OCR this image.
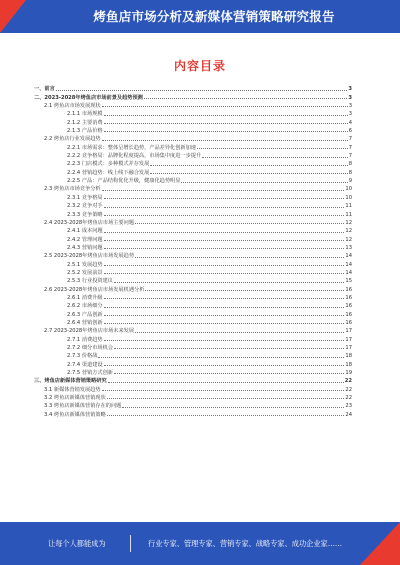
烤鱼店市场分析及新媒体营销策略研究报告
内容目录
一、前言	3
二、2023-2028年烤鱼店市场前景及趋势预测	3
2.1 烤鱼店市场发展现状	3
2.1.1 市场规模	3
2.1.2 主要消费	4
2.1.3 产品价格	6
2.2 烤鱼店行业发展趋势	7
2.2.1 市场需求：整体呈增长趋势，产品差异化创新加速	7
2.2.2 竞争格局：品牌化程度提高，市场集中度进一步提升	7
2.2.3 门店模式：多种模式并存发展	8
2.2.4 营销趋势：线上线下融合发展	8
2.2.5 产品：产品结构优化升级，健康化趋势明显	9
2.3 烤鱼店市场竞争分析	10
2.3.1 竞争格局	10
2.3.2 竞争对手	11
2.3.3 竞争策略	11
2.4 2023-2028年烤鱼店市场主要问题	12
2.4.1 成本问题	12
2.4.2 管理问题	12
2.4.3 营销问题	13
2.5 2023-2028年烤鱼店市场发展趋势	14
2.5.1 发展趋势	14
2.5.2 发展前景	14
2.5.3 行业投资建议	15
2.6 2023-2028年烤鱼店市场发展机遇分析	16
2.6.1 消费升级	16
2.6.2 市场细分	16
2.6.3 产品创新	16
2.6.4 营销创新	16
2.7 2023-2028年烤鱼店市场未来发展	17
2.7.1 消费趋势	17
2.7.2 细分市场机会	17
2.7.3 价格战	18
2.7.4 渠道建设	18
2.7.5 营销方式创新	19
三、烤鱼店新媒体营销策略研究	22
3.1 新媒体营销发展趋势	22
3.2 烤鱼店新媒体营销现状	22
3.3 烤鱼店新媒体营销存在的问题	23
3.4 烤鱼店新媒体营销策略	24
让每个人都能成为	行业专家、管理专家、营销专家、战略专家、成功企业家……
